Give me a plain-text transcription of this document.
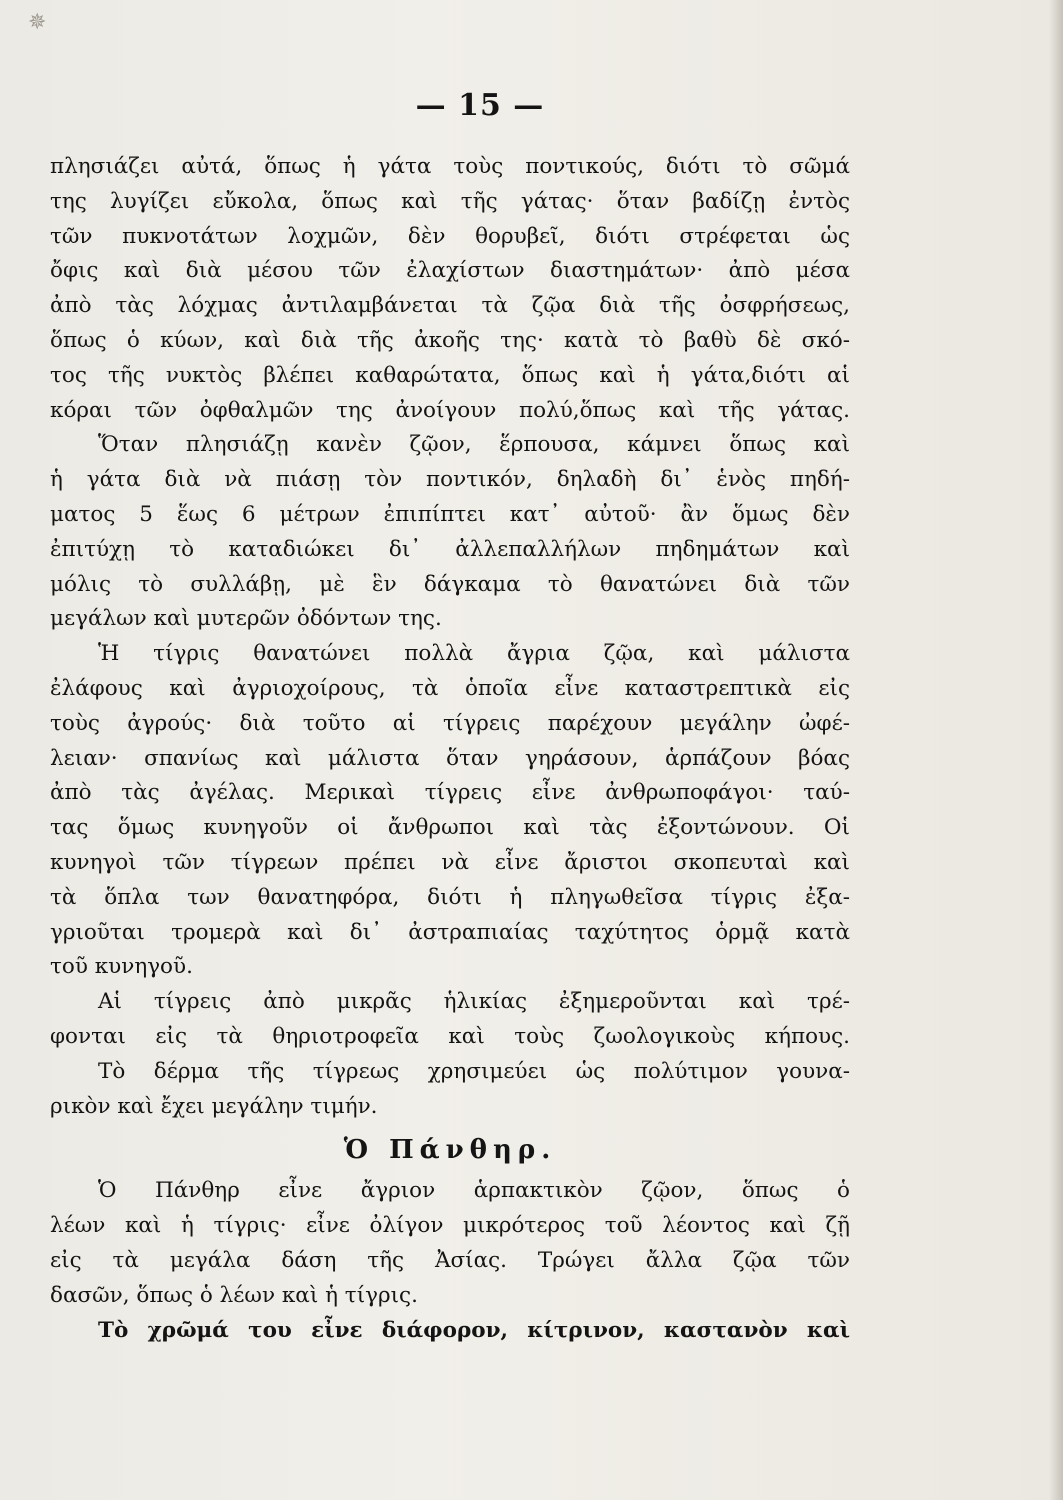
✵
— 15 —
πλησιάζει αὐτά, ὅπως ἡ γάτα τοὺς ποντικούς, διότι τὸ σῶμά
της λυγίζει εὔκολα, ὅπως καὶ τῆς γάτας· ὅταν βαδίζῃ ἐντὸς
τῶν πυκνοτάτων λοχμῶν, δὲν θορυβεῖ, διότι στρέφεται ὡς
ὄφις καὶ διὰ μέσου τῶν ἐλαχίστων διαστημάτων· ἀπὸ μέσα
ἀπὸ τὰς λόχμας ἀντιλαμβάνεται τὰ ζῷα διὰ τῆς ὀσφρήσεως,
ὅπως ὁ κύων, καὶ διὰ τῆς ἀκοῆς της· κατὰ τὸ βαθὺ δὲ σκό-
τος τῆς νυκτὸς βλέπει καθαρώτατα, ὅπως καὶ ἡ γάτα,διότι αἱ
κόραι τῶν ὀφθαλμῶν της ἀνοίγουν πολύ,ὅπως καὶ τῆς γάτας.
Ὅταν πλησιάζῃ κανὲν ζῷον, ἕρπουσα, κάμνει ὅπως καὶ
ἡ γάτα διὰ νὰ πιάσῃ τὸν ποντικόν, δηλαδὴ δι᾽ ἑνὸς πηδή-
ματος 5 ἕως 6 μέτρων ἐπιπίπτει κατ᾽ αὐτοῦ· ἂν ὅμως δὲν
ἐπιτύχῃ τὸ καταδιώκει δι᾽ ἀλλεπαλλήλων πηδημάτων καὶ
μόλις τὸ συλλάβῃ, μὲ ἓν δάγκαμα τὸ θανατώνει διὰ τῶν
μεγάλων καὶ μυτερῶν ὀδόντων της.
Ἡ τίγρις θανατώνει πολλὰ ἄγρια ζῷα, καὶ μάλιστα
ἐλάφους καὶ ἀγριοχοίρους, τὰ ὁποῖα εἶνε καταστρεπτικὰ εἰς
τοὺς ἀγρούς· διὰ τοῦτο αἱ τίγρεις παρέχουν μεγάλην ὠφέ-
λειαν· σπανίως καὶ μάλιστα ὅταν γηράσουν, ἁρπάζουν βόας
ἀπὸ τὰς ἀγέλας. Μερικαὶ τίγρεις εἶνε ἀνθρωποφάγοι· ταύ-
τας ὅμως κυνηγοῦν οἱ ἄνθρωποι καὶ τὰς ἐξοντώνουν. Οἱ
κυνηγοὶ τῶν τίγρεων πρέπει νὰ εἶνε ἄριστοι σκοπευταὶ καὶ
τὰ ὅπλα των θανατηφόρα, διότι ἡ πληγωθεῖσα τίγρις ἐξα-
γριοῦται τρομερὰ καὶ δι᾽ ἀστραπιαίας ταχύτητος ὁρμᾷ κατὰ
τοῦ κυνηγοῦ.
Αἱ τίγρεις ἀπὸ μικρᾶς ἡλικίας ἐξημεροῦνται καὶ τρέ-
φονται εἰς τὰ θηριοτροφεῖα καὶ τοὺς ζωολογικοὺς κήπους.
Τὸ δέρμα τῆς τίγρεως χρησιμεύει ὡς πολύτιμον γουνα-
ρικὸν καὶ ἔχει μεγάλην τιμήν.
Ὁ Πάνθηρ.
Ὁ Πάνθηρ εἶνε ἄγριον ἁρπακτικὸν ζῷον, ὅπως ὁ
λέων καὶ ἡ τίγρις· εἶνε ὀλίγον μικρότερος τοῦ λέοντος καὶ ζῇ
εἰς τὰ μεγάλα δάση τῆς Ἀσίας. Τρώγει ἄλλα ζῷα τῶν
δασῶν, ὅπως ὁ λέων καὶ ἡ τίγρις.
Τὸ χρῶμά του εἶνε διάφορον, κίτρινον, καστανὸν καὶ
